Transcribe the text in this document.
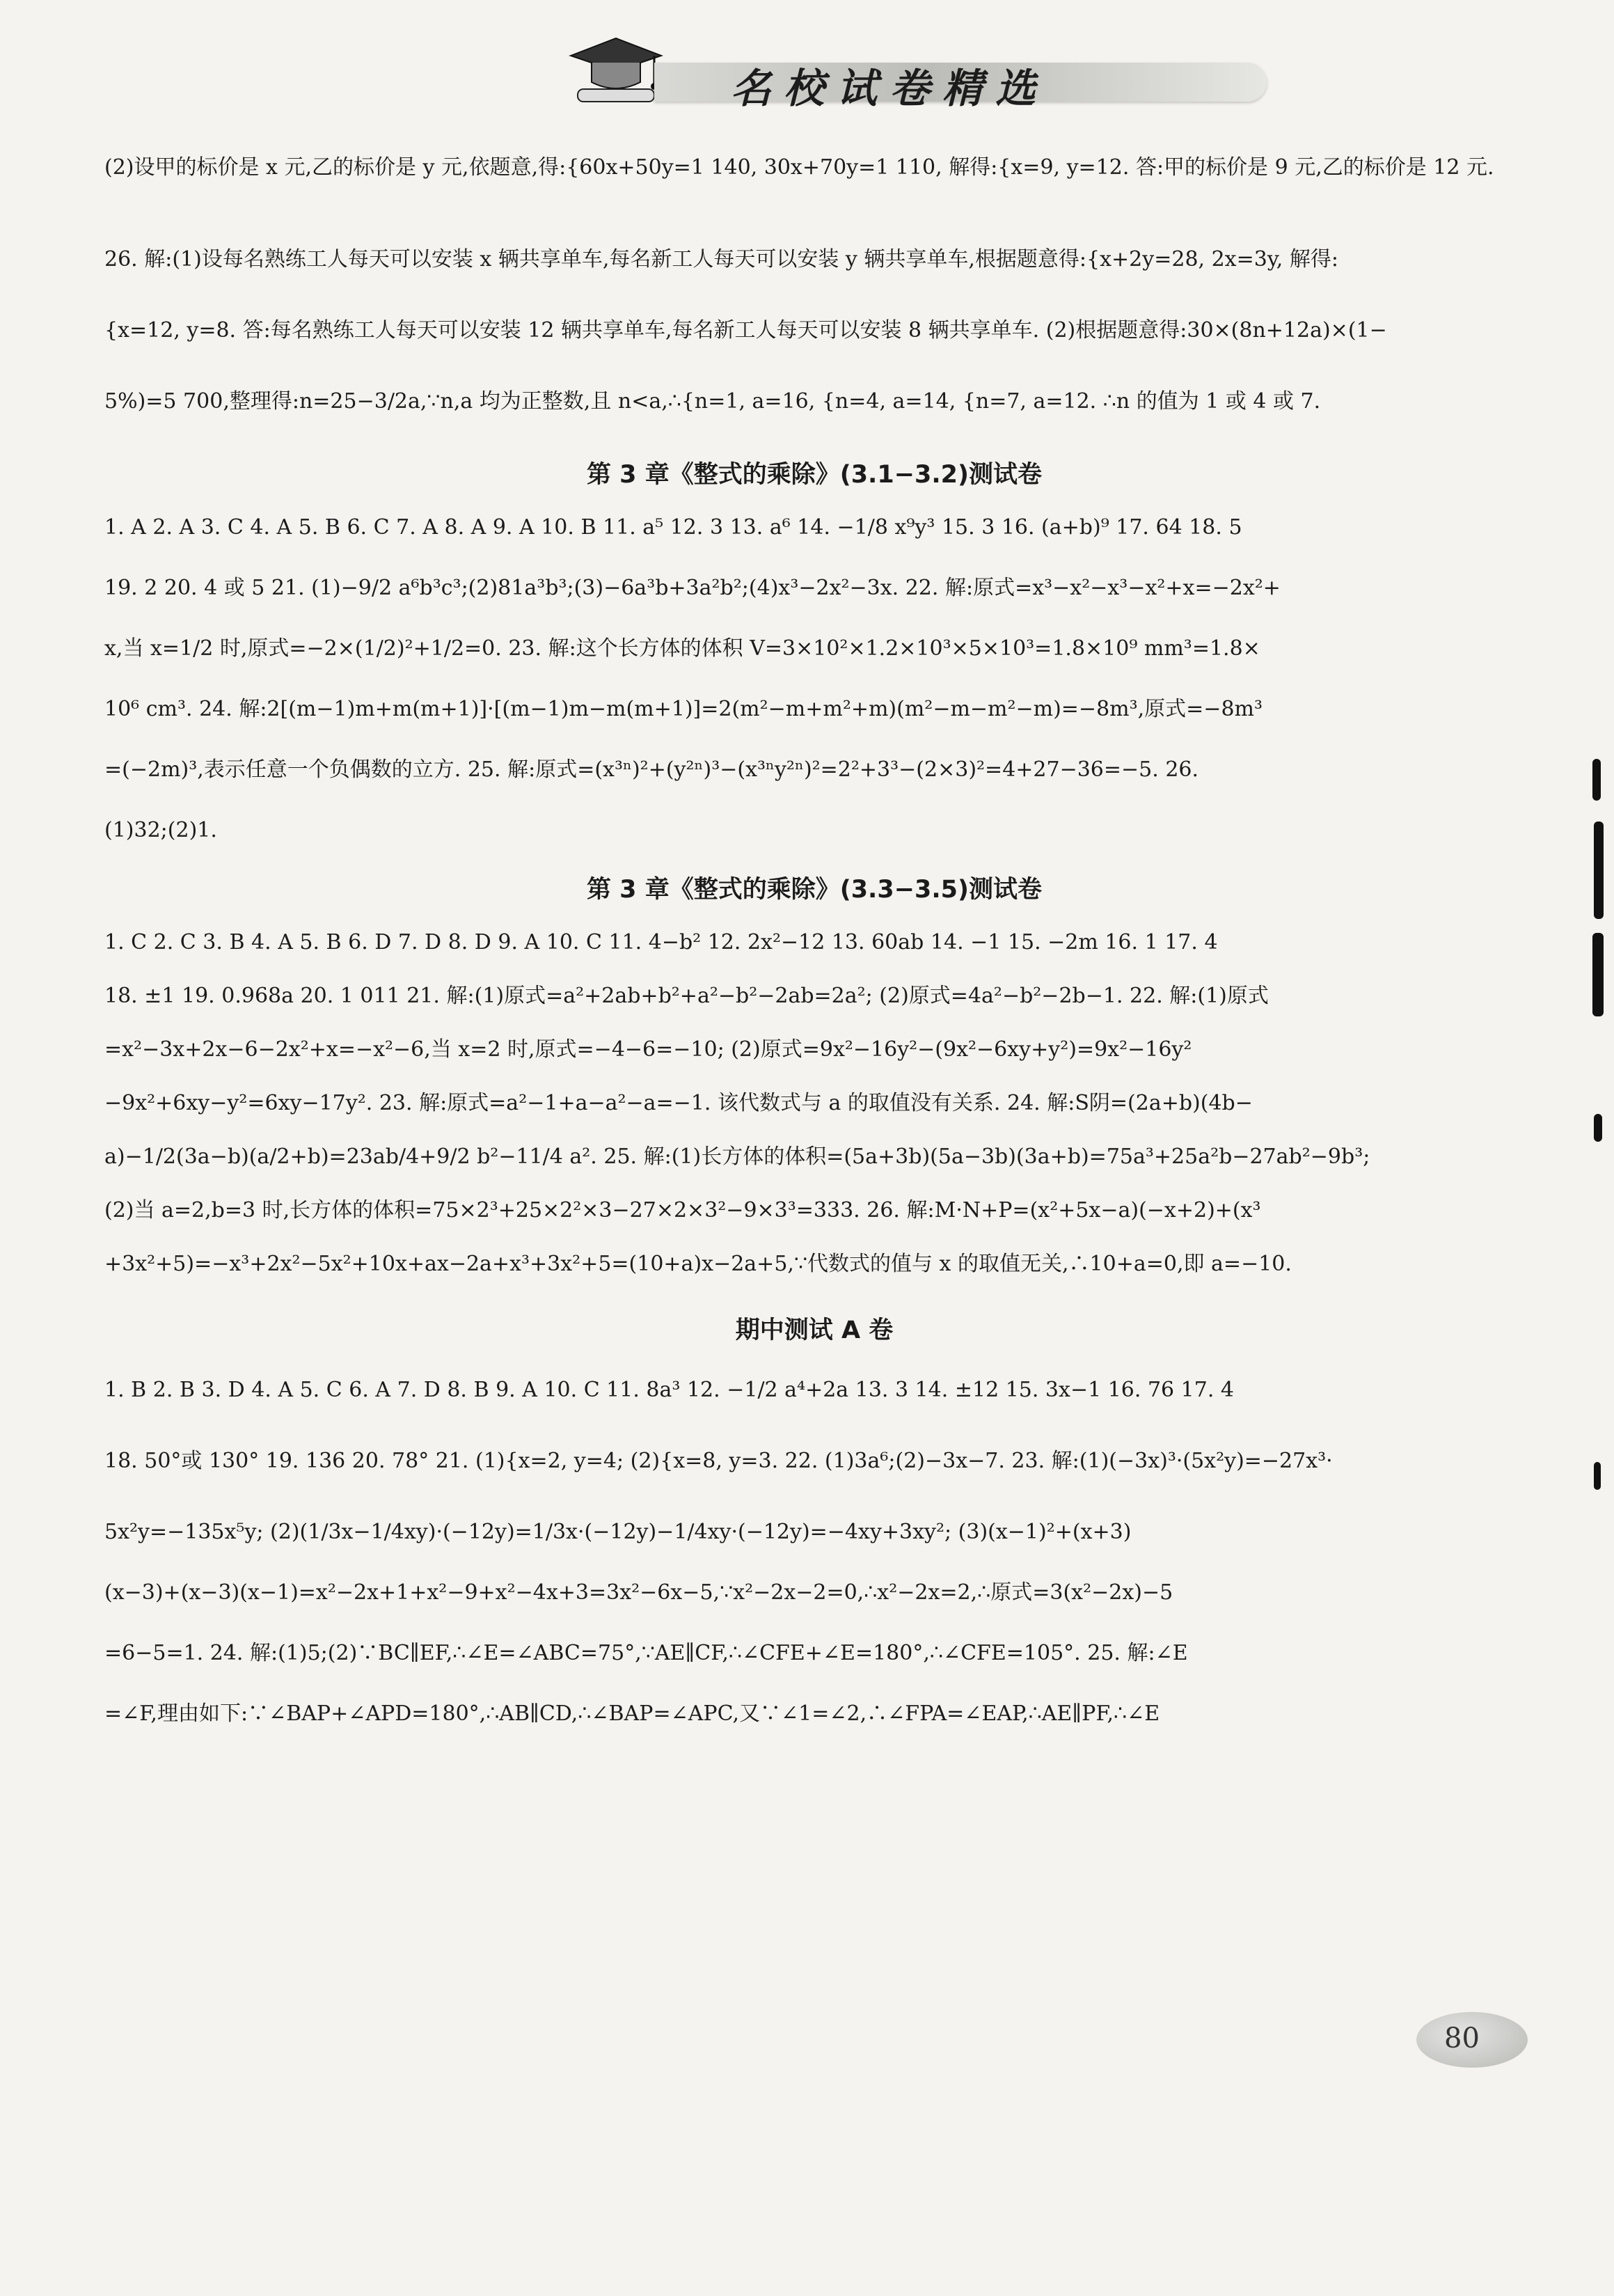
名校试卷精选

(2)设甲的标价是 x 元,乙的标价是 y 元,依题意,得:{60x+50y=1 140, 30x+70y=1 110, 解得:{x=9, y=12. 答:甲的标价是 9 元,乙的标价是 12 元.

26. 解:(1)设每名熟练工人每天可以安装 x 辆共享单车,每名新工人每天可以安装 y 辆共享单车,根据题意得:{x+2y=28, 2x=3y, 解得:

{x=12, y=8. 答:每名熟练工人每天可以安装 12 辆共享单车,每名新工人每天可以安装 8 辆共享单车. (2)根据题意得:30×(8n+12a)×(1−

5%)=5 700,整理得:n=25−3/2a,∵n,a 均为正整数,且 n<a,∴{n=1, a=16, {n=4, a=14, {n=7, a=12. ∴n 的值为 1 或 4 或 7.

第 3 章《整式的乘除》(3.1−3.2)测试卷

1. A 2. A 3. C 4. A 5. B 6. C 7. A 8. A 9. A 10. B 11. a⁵ 12. 3 13. a⁶ 14. −1/8 x⁹y³ 15. 3 16. (a+b)⁹ 17. 64 18. 5

19. 2 20. 4 或 5 21. (1)−9/2 a⁶b³c³;(2)81a³b³;(3)−6a³b+3a²b²;(4)x³−2x²−3x. 22. 解:原式=x³−x²−x³−x²+x=−2x²+

x,当 x=1/2 时,原式=−2×(1/2)²+1/2=0. 23. 解:这个长方体的体积 V=3×10²×1.2×10³×5×10³=1.8×10⁹ mm³=1.8×

10⁶ cm³. 24. 解:2[(m−1)m+m(m+1)]·[(m−1)m−m(m+1)]=2(m²−m+m²+m)(m²−m−m²−m)=−8m³,原式=−8m³

=(−2m)³,表示任意一个负偶数的立方. 25. 解:原式=(x³ⁿ)²+(y²ⁿ)³−(x³ⁿy²ⁿ)²=2²+3³−(2×3)²=4+27−36=−5. 26.

(1)32;(2)1.

第 3 章《整式的乘除》(3.3−3.5)测试卷

1. C 2. C 3. B 4. A 5. B 6. D 7. D 8. D 9. A 10. C 11. 4−b² 12. 2x²−12 13. 60ab 14. −1 15. −2m 16. 1 17. 4

18. ±1 19. 0.968a 20. 1 011 21. 解:(1)原式=a²+2ab+b²+a²−b²−2ab=2a²; (2)原式=4a²−b²−2b−1. 22. 解:(1)原式

=x²−3x+2x−6−2x²+x=−x²−6,当 x=2 时,原式=−4−6=−10; (2)原式=9x²−16y²−(9x²−6xy+y²)=9x²−16y²

−9x²+6xy−y²=6xy−17y². 23. 解:原式=a²−1+a−a²−a=−1. 该代数式与 a 的取值没有关系. 24. 解:S阴=(2a+b)(4b−

a)−1/2(3a−b)(a/2+b)=23ab/4+9/2 b²−11/4 a². 25. 解:(1)长方体的体积=(5a+3b)(5a−3b)(3a+b)=75a³+25a²b−27ab²−9b³;

(2)当 a=2,b=3 时,长方体的体积=75×2³+25×2²×3−27×2×3²−9×3³=333. 26. 解:M·N+P=(x²+5x−a)(−x+2)+(x³

+3x²+5)=−x³+2x²−5x²+10x+ax−2a+x³+3x²+5=(10+a)x−2a+5,∵代数式的值与 x 的取值无关,∴10+a=0,即 a=−10.

期中测试 A 卷

1. B 2. B 3. D 4. A 5. C 6. A 7. D 8. B 9. A 10. C 11. 8a³ 12. −1/2 a⁴+2a 13. 3 14. ±12 15. 3x−1 16. 76 17. 4

18. 50°或 130° 19. 136 20. 78° 21. (1){x=2, y=4; (2){x=8, y=3. 22. (1)3a⁶;(2)−3x−7. 23. 解:(1)(−3x)³·(5x²y)=−27x³·

5x²y=−135x⁵y; (2)(1/3x−1/4xy)·(−12y)=1/3x·(−12y)−1/4xy·(−12y)=−4xy+3xy²; (3)(x−1)²+(x+3)

(x−3)+(x−3)(x−1)=x²−2x+1+x²−9+x²−4x+3=3x²−6x−5,∵x²−2x−2=0,∴x²−2x=2,∴原式=3(x²−2x)−5

=6−5=1. 24. 解:(1)5;(2)∵BC∥EF,∴∠E=∠ABC=75°,∵AE∥CF,∴∠CFE+∠E=180°,∴∠CFE=105°. 25. 解:∠E

=∠F,理由如下:∵∠BAP+∠APD=180°,∴AB∥CD,∴∠BAP=∠APC,又∵∠1=∠2,∴∠FPA=∠EAP,∴AE∥PF,∴∠E

80
